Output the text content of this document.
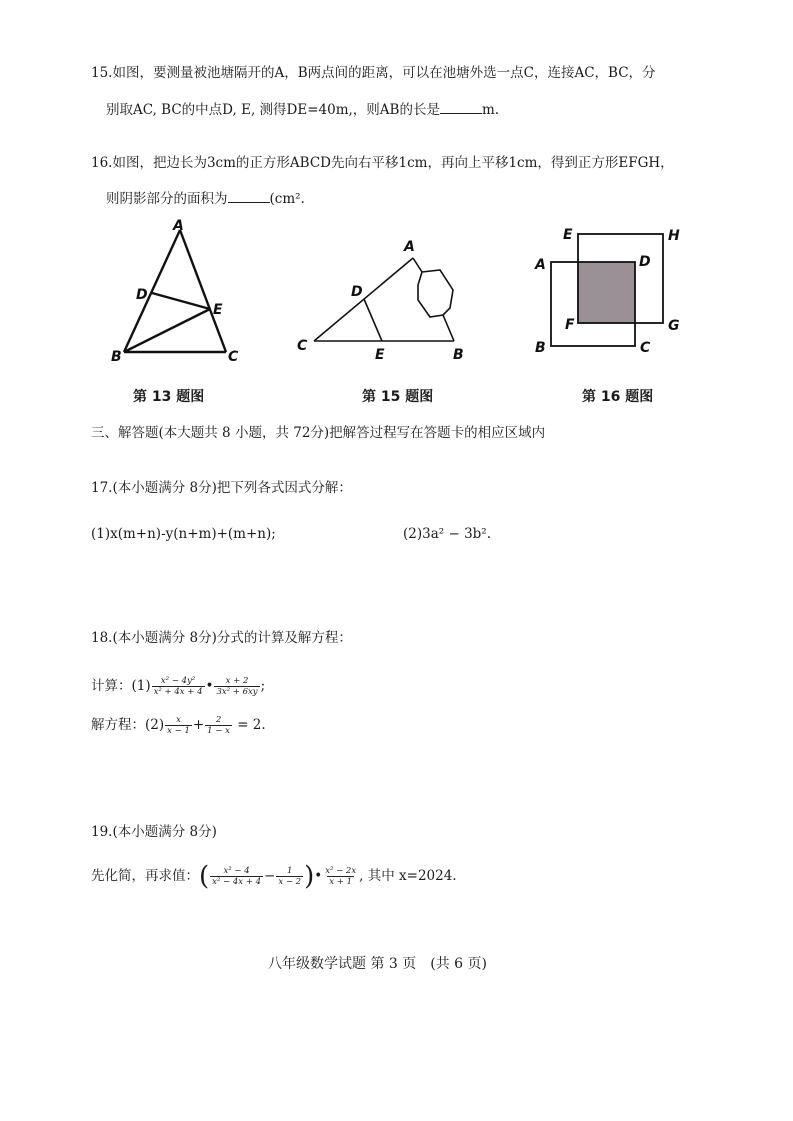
15.如图，要测量被池塘隔开的A，B两点间的距离，可以在池塘外选一点C，连接AC，BC，分
别取AC, BC的中点D, E, 测得DE=40m,，则AB的长是	m.
16.如图，把边长为3cm的正方形ABCD先向右平移1cm，再向上平移1cm，得到正方形EFGH，
则阴影部分的面积为	(cm².
A
D
E
B	C
A
D
C
E	B
E	H
A	D
F	G
B	C
第 13 题图	第 15 题图	第 16 题图
三、解答题(本大题共 8 小题，共 72分)把解答过程写在答题卡的相应区域内
17.(本小题满分 8分)把下列各式因式分解：
(1)x(m+n)-y(n+m)+(m+n);	(2)3a² − 3b².
18.(本小题满分 8分)分式的计算及解方程：
计算：$(1) \frac{\text{x² − 4y²}}{\text{x² + 4x + 4}}$ • $\frac{x + 2}{\text{3x² + 6xy}}$ ;
解方程：$(2) \frac{x}{x - 1} + \frac{2}{1 - x} = 2$.
19.(本小题满分 8分)
先化简，再求值：( $\frac{\text{x² − 4}}{\text{x² − 4x + 4}} - \frac{1}{x - 2}$ )• $\frac{\text{x² − 2x}}{x + 1}$ , 其中 x=2024.
八年级数学试题 第 3 页　(共 6 页)
